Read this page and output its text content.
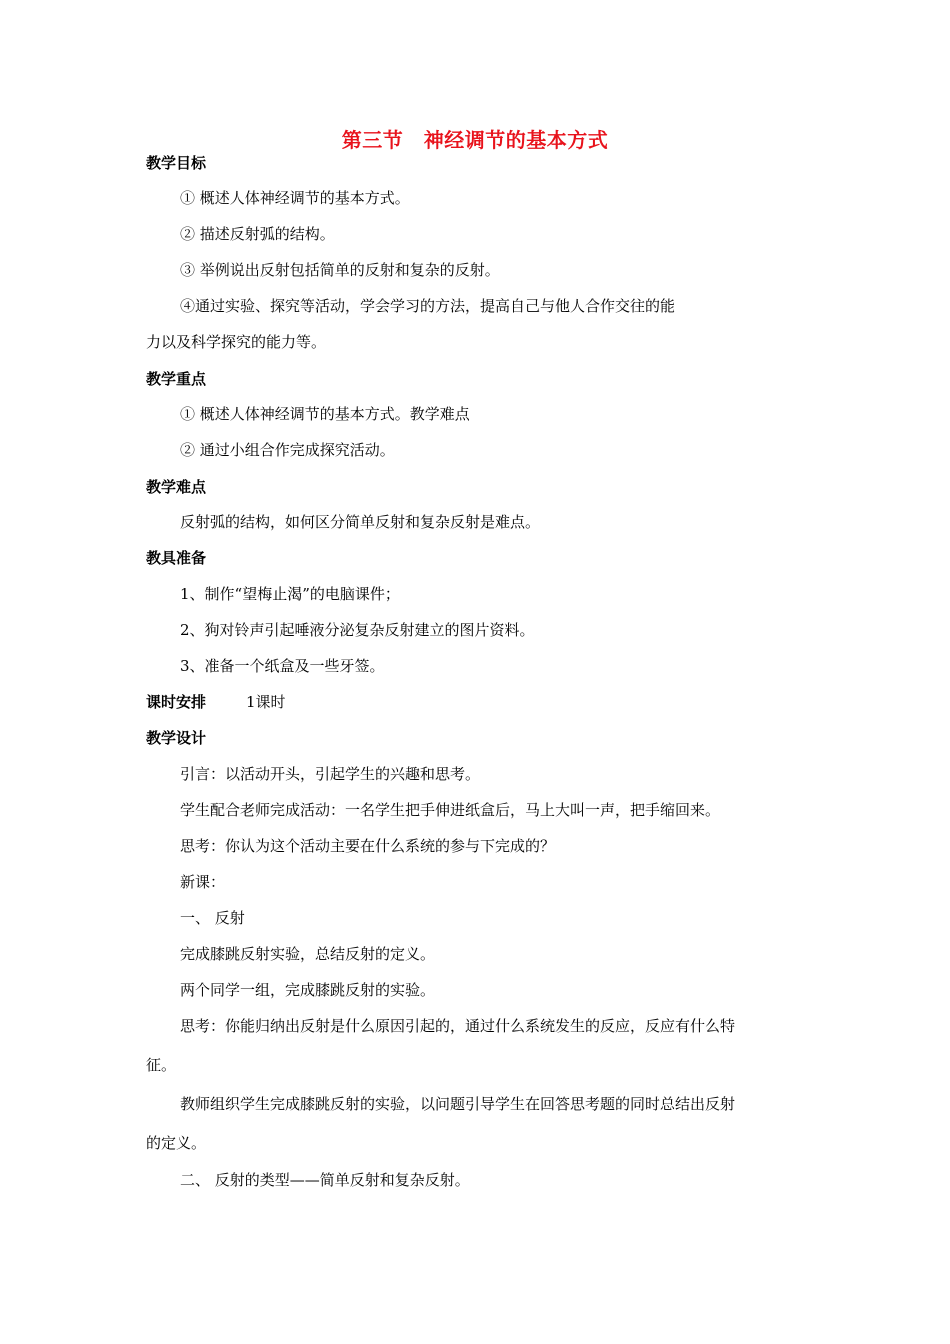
第三节　神经调节的基本方式
教学目标
① 概述人体神经调节的基本方式。
② 描述反射弧的结构。
③ 举例说出反射包括简单的反射和复杂的反射。
④通过实验、探究等活动，学会学习的方法，提高自己与他人合作交往的能
力以及科学探究的能力等。
教学重点
① 概述人体神经调节的基本方式。教学难点
② 通过小组合作完成探究活动。
教学难点
反射弧的结构，如何区分简单反射和复杂反射是难点。
教具准备
1、制作“望梅止渴”的电脑课件；
2、狗对铃声引起唾液分泌复杂反射建立的图片资料。
3、准备一个纸盒及一些牙签。
课时安排	1课时
教学设计
引言：以活动开头，引起学生的兴趣和思考。
学生配合老师完成活动：一名学生把手伸进纸盒后，马上大叫一声，把手缩回来。
思考：你认为这个活动主要在什么系统的参与下完成的？
新课：
一、 反射
完成膝跳反射实验，总结反射的定义。
两个同学一组，完成膝跳反射的实验。
思考：你能归纳出反射是什么原因引起的，通过什么系统发生的反应，反应有什么特
征。
教师组织学生完成膝跳反射的实验，以问题引导学生在回答思考题的同时总结出反射
的定义。
二、 反射的类型——简单反射和复杂反射。
